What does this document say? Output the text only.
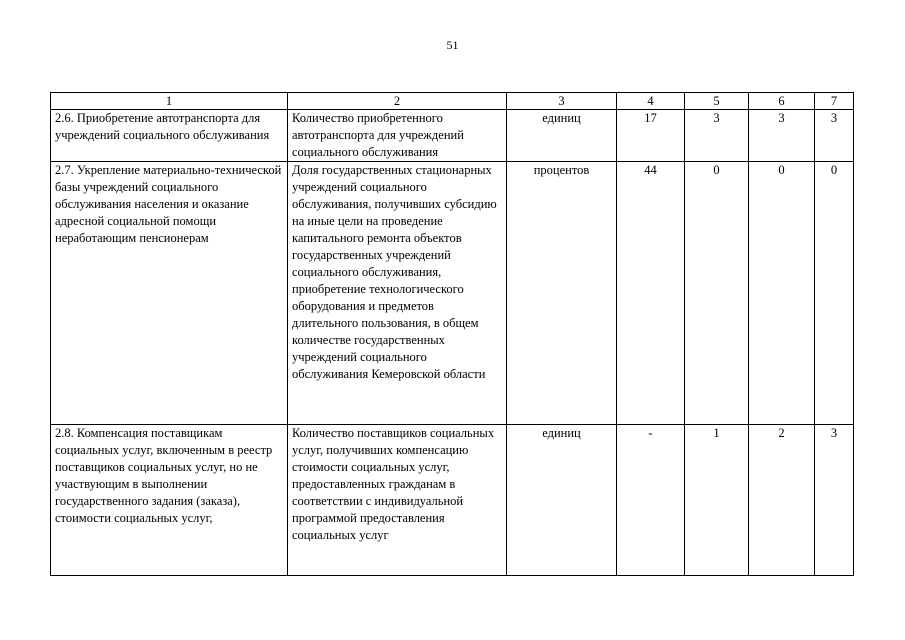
51
1	2	3	4	5	6	7
2.6. Приобретение автотранспорта для учреждений социального обслуживания	Количество приобретенного автотранспорта для учреждений социального обслуживания	единиц	17	3	3	3
2.7. Укрепление материально-технической базы учреждений социального обслуживания населения и оказание адресной социальной помощи неработающим пенсионерам	Доля государственных стационарных учреждений социального обслуживания, получивших субсидию на иные цели на проведение капитального ремонта объектов государственных учреждений социального обслуживания, приобретение технологического оборудования и предметов длительного пользования, в общем количестве государственных учреждений социального обслуживания Кемеровской области	процентов	44	0	0	0
2.8. Компенсация поставщикам социальных услуг, включенным в реестр поставщиков социальных услуг, но не участвующим в выполнении государственного задания (заказа), стоимости социальных услуг,	Количество поставщиков социальных услуг, получивших компенсацию стоимости социальных услуг, предоставленных гражданам в соответствии с индивидуальной программой предоставления социальных услуг	единиц	-	1	2	3
